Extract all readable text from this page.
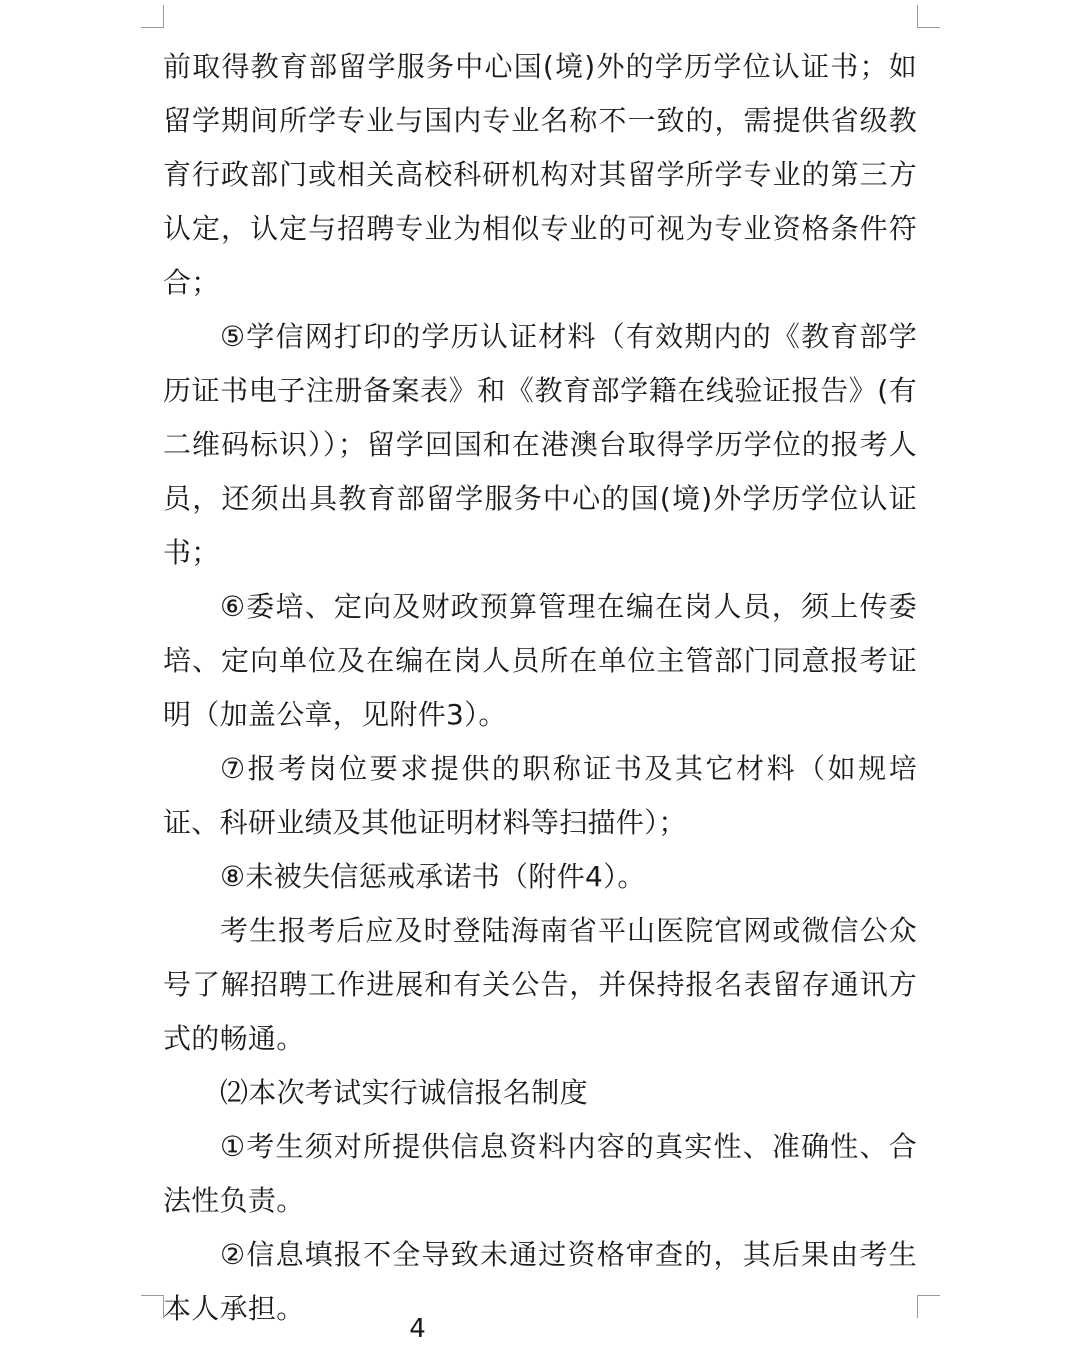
前取得教育部留学服务中心国(境)外的学历学位认证书；如留学期间所学专业与国内专业名称不一致的，需提供省级教育行政部门或相关高校科研机构对其留学所学专业的第三方认定，认定与招聘专业为相似专业的可视为专业资格条件符合；

⑤学信网打印的学历认证材料（有效期内的《教育部学历证书电子注册备案表》和《教育部学籍在线验证报告》(有二维码标识））；留学回国和在港澳台取得学历学位的报考人员，还须出具教育部留学服务中心的国(境)外学历学位认证书；

⑥委培、定向及财政预算管理在编在岗人员，须上传委培、定向单位及在编在岗人员所在单位主管部门同意报考证明（加盖公章，见附件3）。

⑦报考岗位要求提供的职称证书及其它材料（如规培证、科研业绩及其他证明材料等扫描件）；

⑧未被失信惩戒承诺书（附件4）。

考生报考后应及时登陆海南省平山医院官网或微信公众号了解招聘工作进展和有关公告，并保持报名表留存通讯方式的畅通。

⑵本次考试实行诚信报名制度

①考生须对所提供信息资料内容的真实性、准确性、合法性负责。

②信息填报不全导致未通过资格审查的，其后果由考生本人承担。

4
